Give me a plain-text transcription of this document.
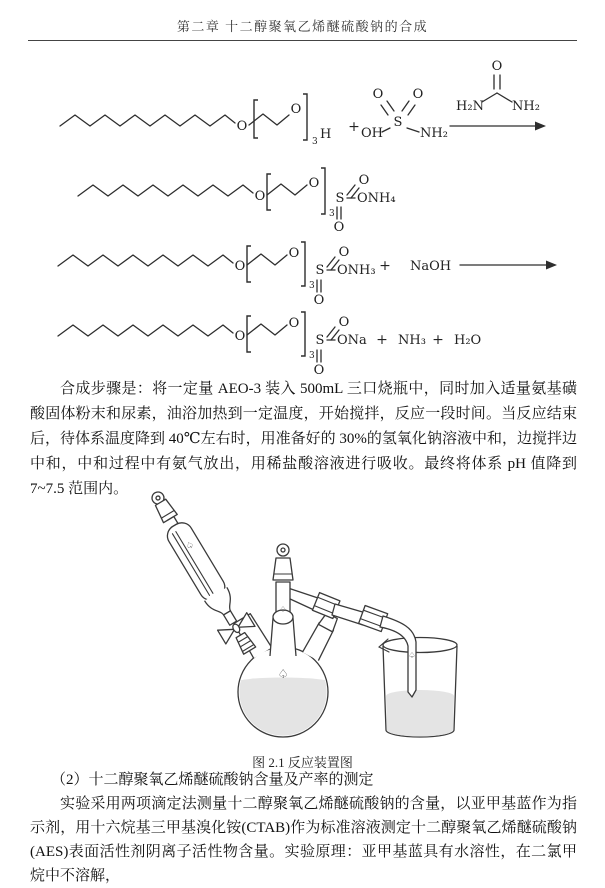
第二章 十二醇聚氧乙烯醚硫酸钠的合成
O
O
3 H +	S
O O
OH	NH₂
O
H₂N NH₂
O
O
3
S
O
ONH₄
O
O
O
3
S
O
ONH₃
O
+ NaOH
O
O
3
S
O
ONa
O
+ NH₃ + H₂O

合成步骤是：将一定量 AEO-3 装入 500mL 三口烧瓶中，同时加入适量氨基磺酸固体粉末和尿素，油浴加热到一定温度，开始搅拌，反应一段时间。当反应结束后，待体系温度降到 40℃左右时，用准备好的 30%的氢氧化钠溶液中和，边搅拌边中和，中和过程中有氨气放出，用稀盐酸溶液进行吸收。最终将体系 pH 值降到 7~7.5 范围内。

♤
♤
♤
♤
图 2.1 反应装置图
（2）十二醇聚氧乙烯醚硫酸钠含量及产率的测定

实验采用两项滴定法测量十二醇聚氧乙烯醚硫酸钠的含量，以亚甲基蓝作为指示剂，用十六烷基三甲基溴化铵(CTAB)作为标准溶液测定十二醇聚氧乙烯醚硫酸钠(AES)表面活性剂阴离子活性物含量。实验原理：亚甲基蓝具有水溶性，在二氯甲烷中不溶解，
